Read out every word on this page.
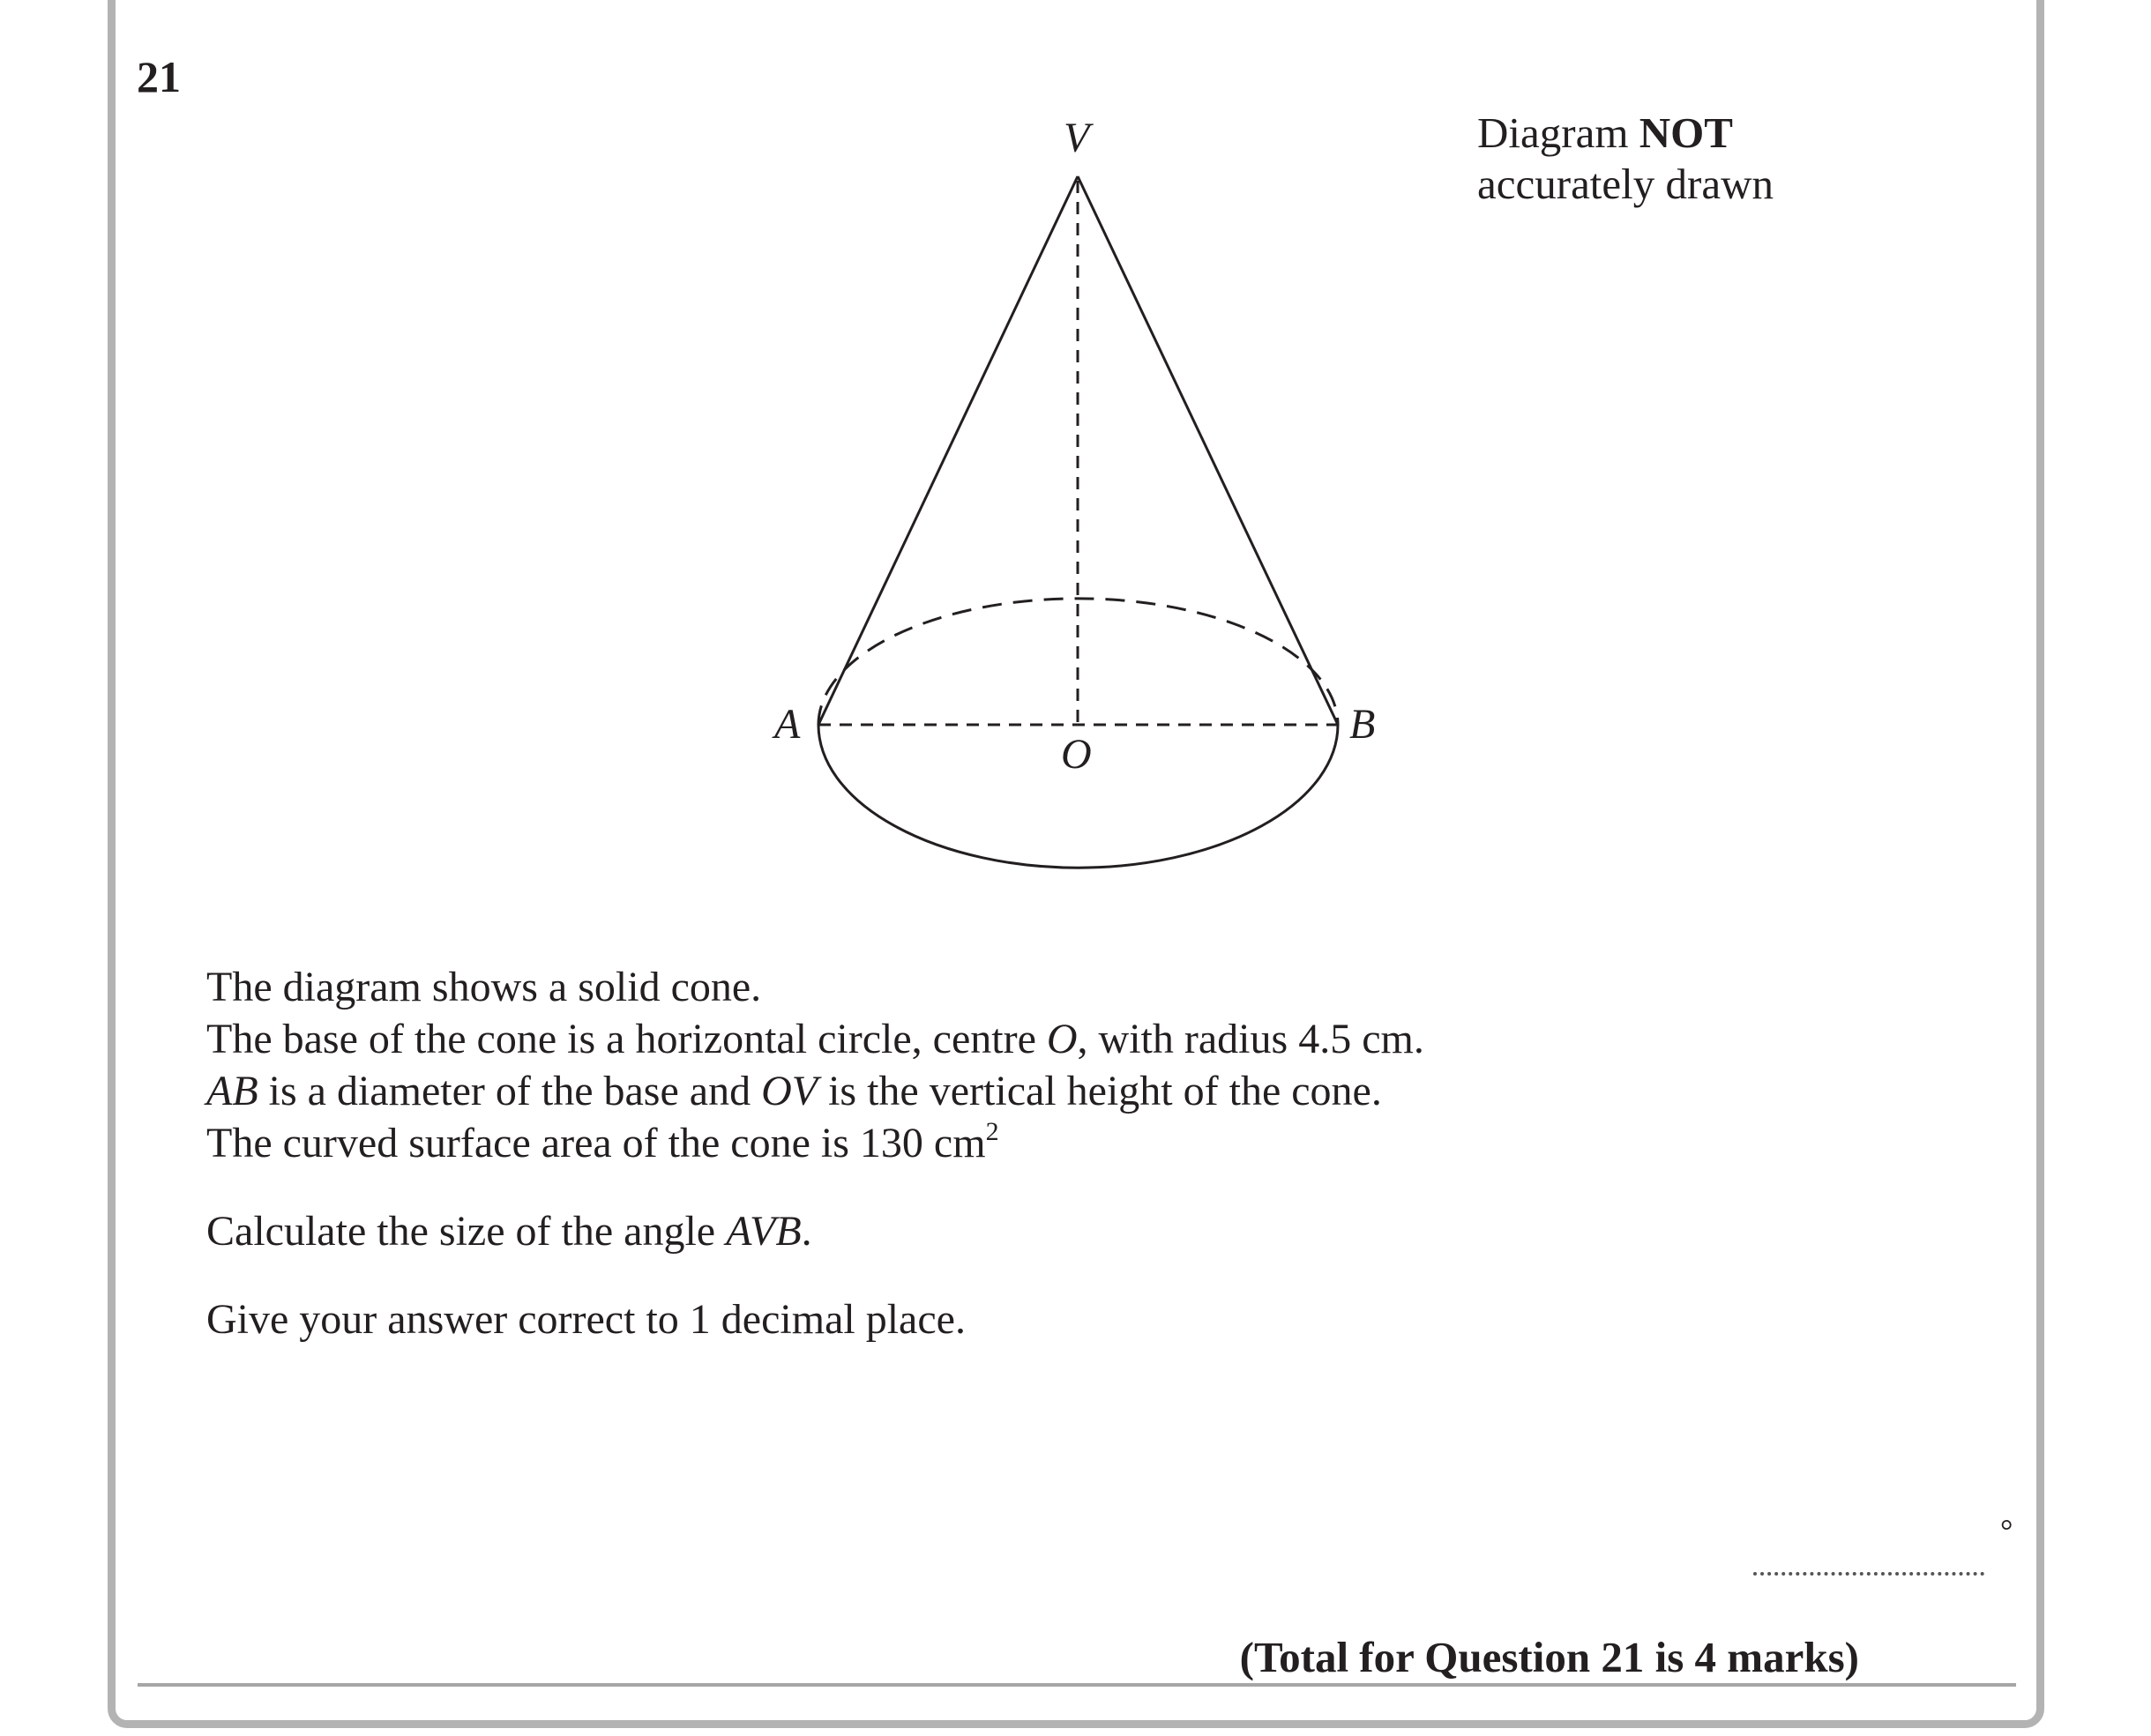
21
Diagram NOT
accurately drawn
V
A	B
O

The diagram shows a solid cone.

The base of the cone is a horizontal circle, centre O, with radius 4.5 cm.

AB is a diameter of the base and OV is the vertical height of the cone.

The curved surface area of the cone is 130 $cm^2$

Calculate the size of the angle AVB.

Give your answer correct to 1 decimal place.

°
(Total for Question 21 is 4 marks)
